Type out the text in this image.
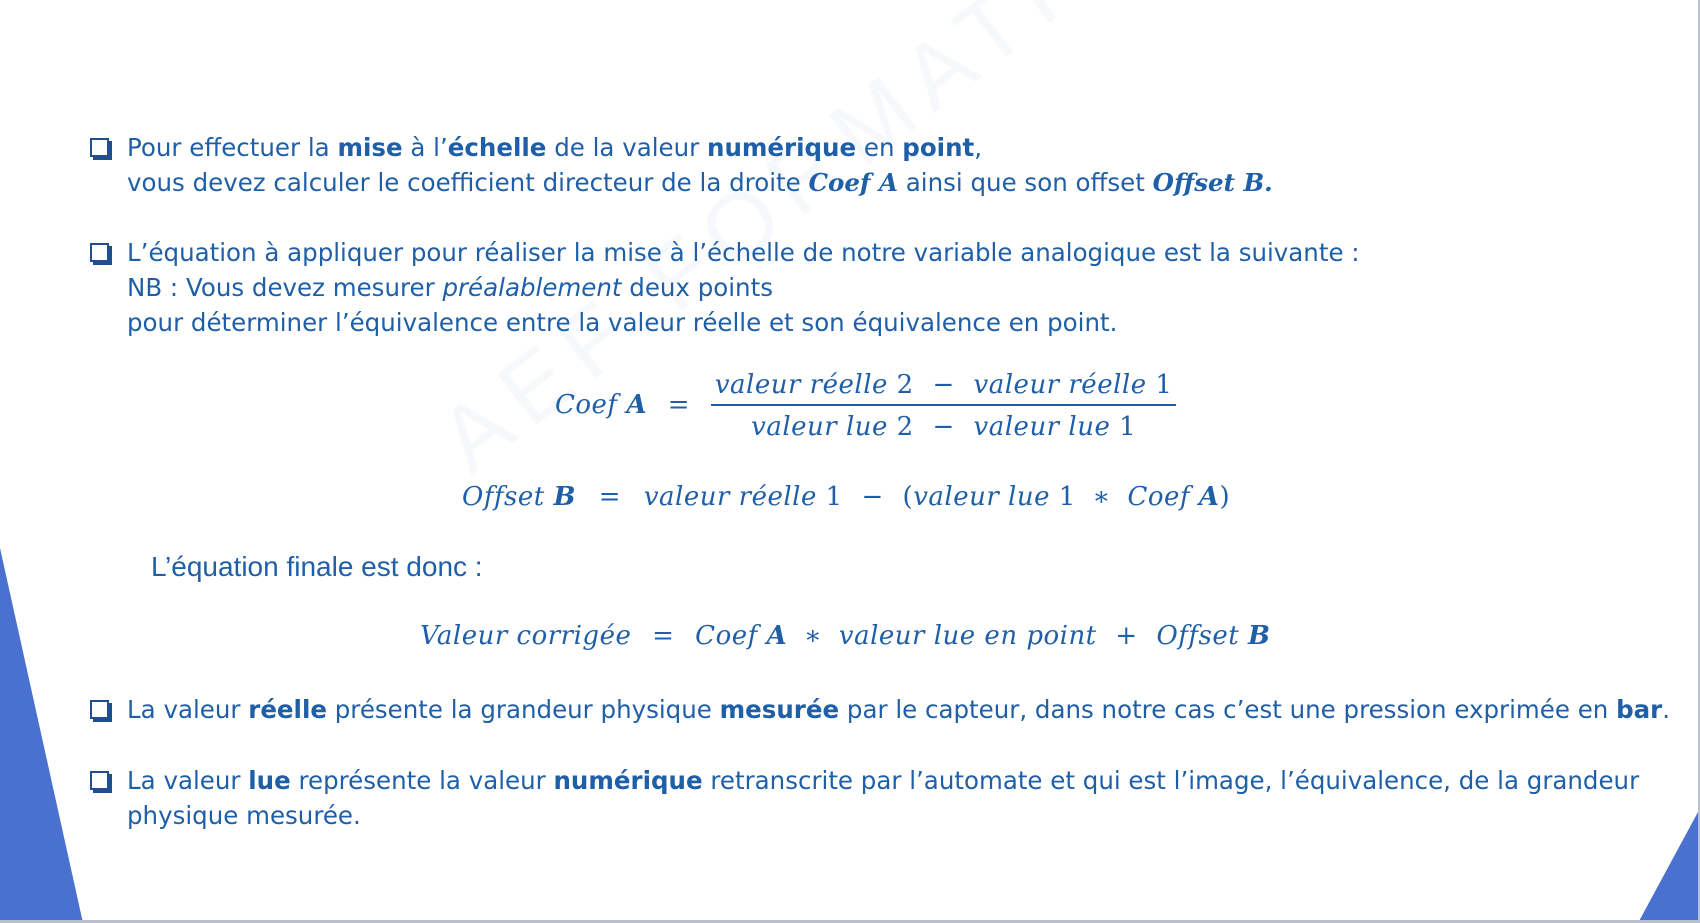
Pour effectuer la mise à l’échelle de la valeur numérique en point,
vous devez calculer le coefficient directeur de la droite Coef A ainsi que son offset Offset B.
L’équation à appliquer pour réaliser la mise à l’échelle de notre variable analogique est la suivante :
NB : Vous devez mesurer préalablement deux points
pour déterminer l’équivalence entre la valeur réelle et son équivalence en point.
Coef $A = \frac{\text{valeur réelle 2 − valeur réelle 1}}{\text{valeur lue 2 − valeur lue 1}}$
Offset B = valeur réelle 1 − (valeur lue 1 ∗ Coef A)
L’équation finale est donc :
Valeur corrigée = Coef A ∗ valeur lue en point + Offset B
La valeur réelle présente la grandeur physique mesurée par le capteur, dans notre cas c’est une pression exprimée en bar.
La valeur lue représente la valeur numérique retranscrite par l’automate et qui est l’image, l’équivalence, de la grandeur
physique mesurée.
